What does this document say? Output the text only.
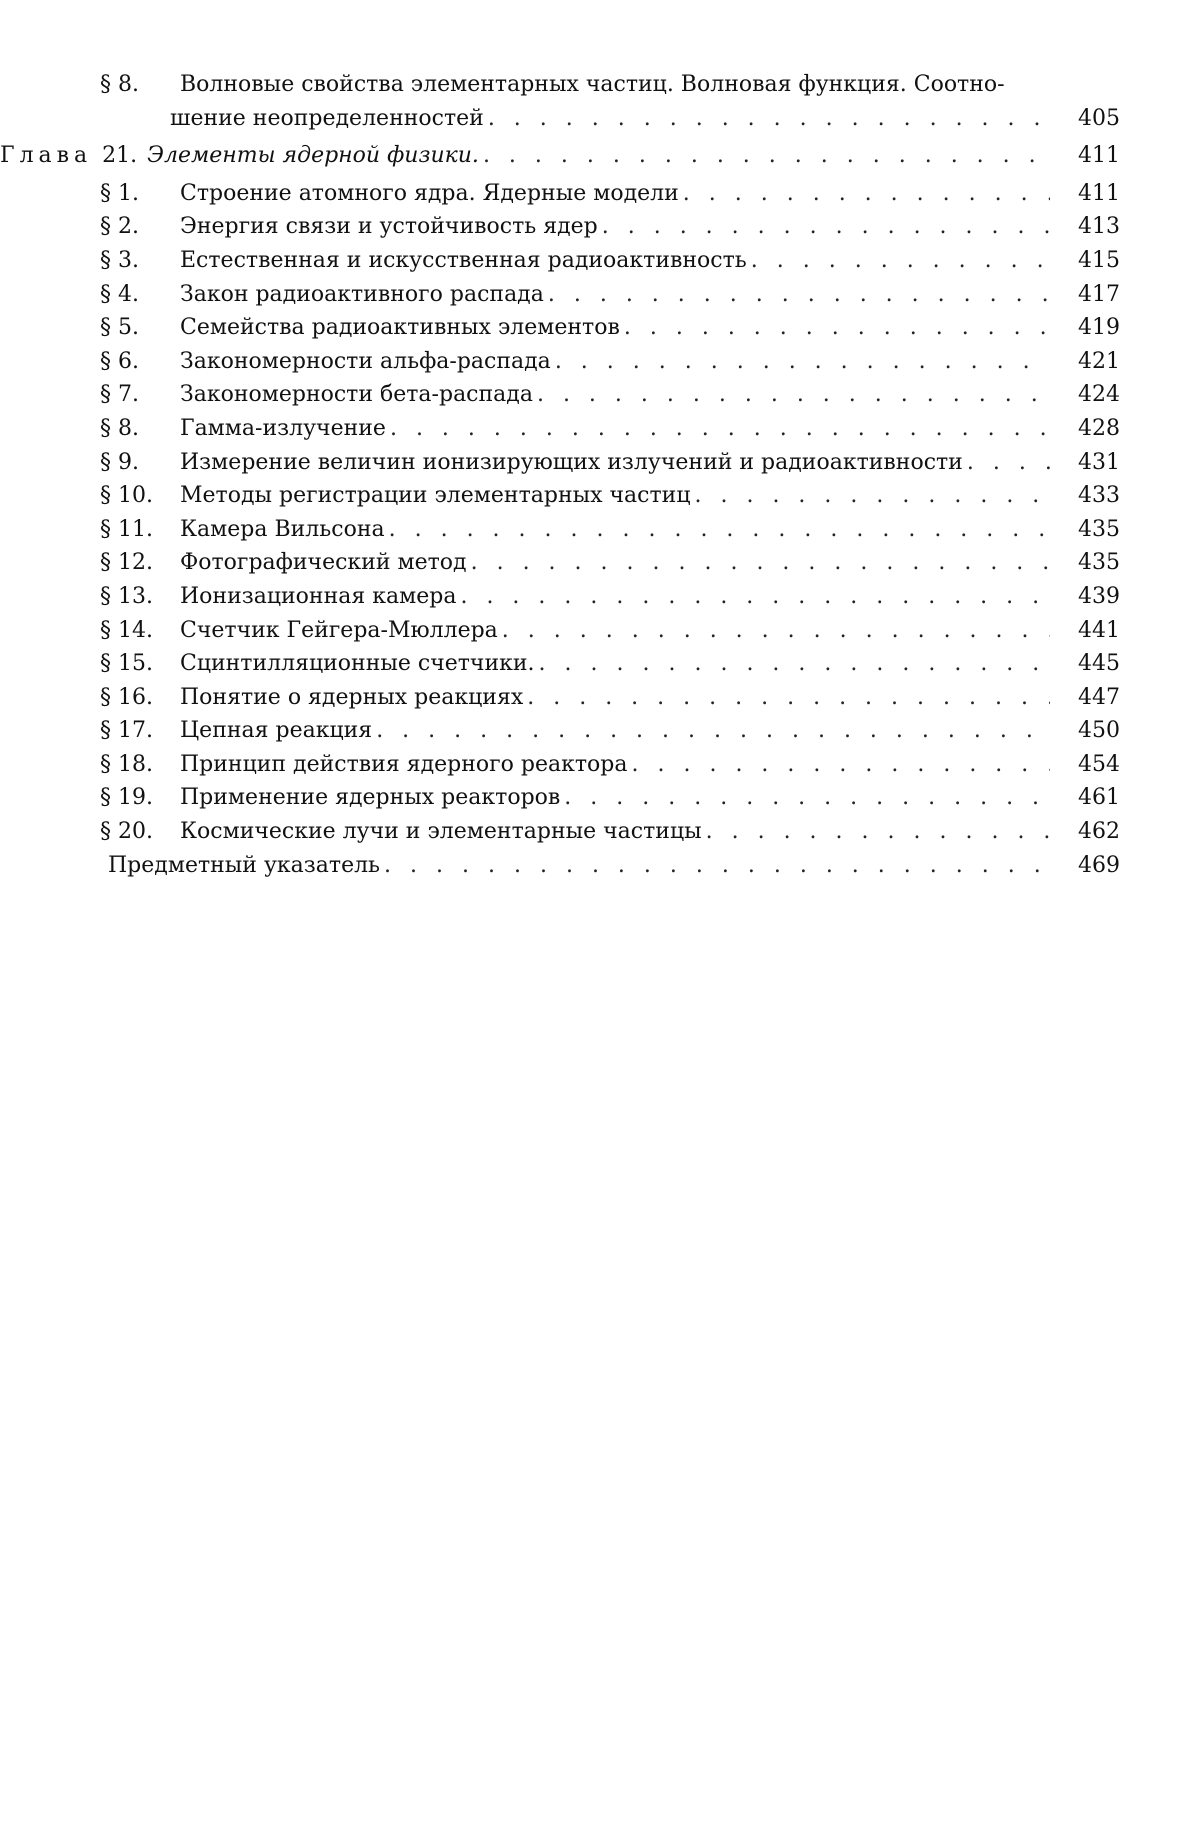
§ 8.	Волновые свойства элементарных частиц. Волновая функция. Соотно-
шение неопределенностей . . .	405
Глава 21. Элементы ядерной физики. . . .	411
§ 1.	Строение атомного ядра. Ядерные модели . . .	411
§ 2.	Энергия связи и устойчивость ядер . . .	413
§ 3.	Естественная и искусственная радиоактивность . . .	415
§ 4.	Закон радиоактивного распада . . .	417
§ 5.	Семейства радиоактивных элементов . . .	419
§ 6.	Закономерности альфа-распада . . .	421
§ 7.	Закономерности бета-распада . . .	424
§ 8.	Гамма-излучение . . .	428
§ 9.	Измерение величин ионизирующих излучений и радиоактивности . . .	431
§ 10.	Методы регистрации элементарных частиц . . .	433
§ 11.	Камера Вильсона . . .	435
§ 12.	Фотографический метод . . .	435
§ 13.	Ионизационная камера . . .	439
§ 14.	Счетчик Гейгера-Мюллера . . .	441
§ 15.	Сцинтилляционные счетчики. . . .	445
§ 16.	Понятие о ядерных реакциях . . .	447
§ 17.	Цепная реакция . . .	450
§ 18.	Принцип действия ядерного реактора . . .	454
§ 19.	Применение ядерных реакторов . . .	461
§ 20.	Космические лучи и элементарные частицы . . .	462
Предметный указатель . . .	469
